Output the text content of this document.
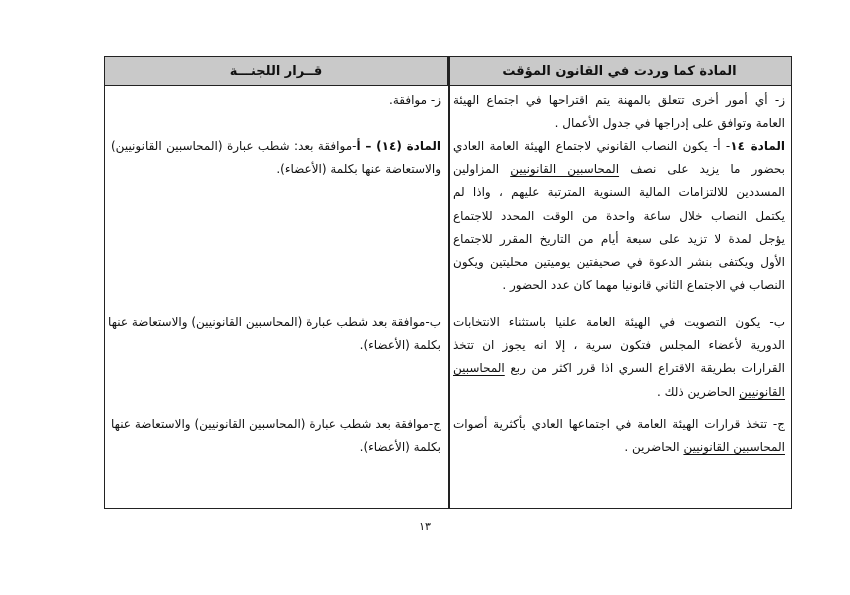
المادة كما وردت في القانون المؤقت
قــرار اللجنـــة
ز- أي أمور أخرى تتعلق بالمهنة يتم اقتراحها في اجتماع الهيئة
العامة وتوافق على إدراجها في جدول الأعمال .
المادة ١٤- أ- يكون النصاب القانوني لاجتماع الهيئة العامة العادي
بحضور ما يزيد على نصف المحاسبين القانونيين المزاولين
المسددين للالتزامات المالية السنوية المترتبة عليهم ، واذا لم
يكتمل النصاب خلال ساعة واحدة من الوقت المحدد للاجتماع
يؤجل لمدة لا تزيد على سبعة أيام من التاريخ المقرر للاجتماع
الأول ويكتفى بنشر الدعوة في صحيفتين يوميتين محليتين ويكون
النصاب في الاجتماع الثاني قانونيا مهما كان عدد الحضور .
ب- يكون التصويت في الهيئة العامة علنيا باستثناء الانتخابات
الدورية لأعضاء المجلس فتكون سرية ، إلا انه يجوز ان تتخذ
القرارات بطريقة الاقتراع السري اذا قرر اكثر من ربع المحاسبين
القانونيين الحاضرين ذلك .
ج- تتخذ قرارات الهيئة العامة في اجتماعها العادي بأكثرية أصوات
المحاسبين القانونيين الحاضرين .
ز- موافقة.
المادة (١٤) – أ-موافقة بعد: شطب عبارة (المحاسبين القانونيين)
والاستعاضة عنها بكلمة (الأعضاء).
ب-موافقة بعد شطب عبارة (المحاسبين القانونيين) والاستعاضة عنها
بكلمة (الأعضاء).
ج-موافقة بعد شطب عبارة (المحاسبين القانونيين) والاستعاضة عنها
بكلمة (الأعضاء).
١٣
